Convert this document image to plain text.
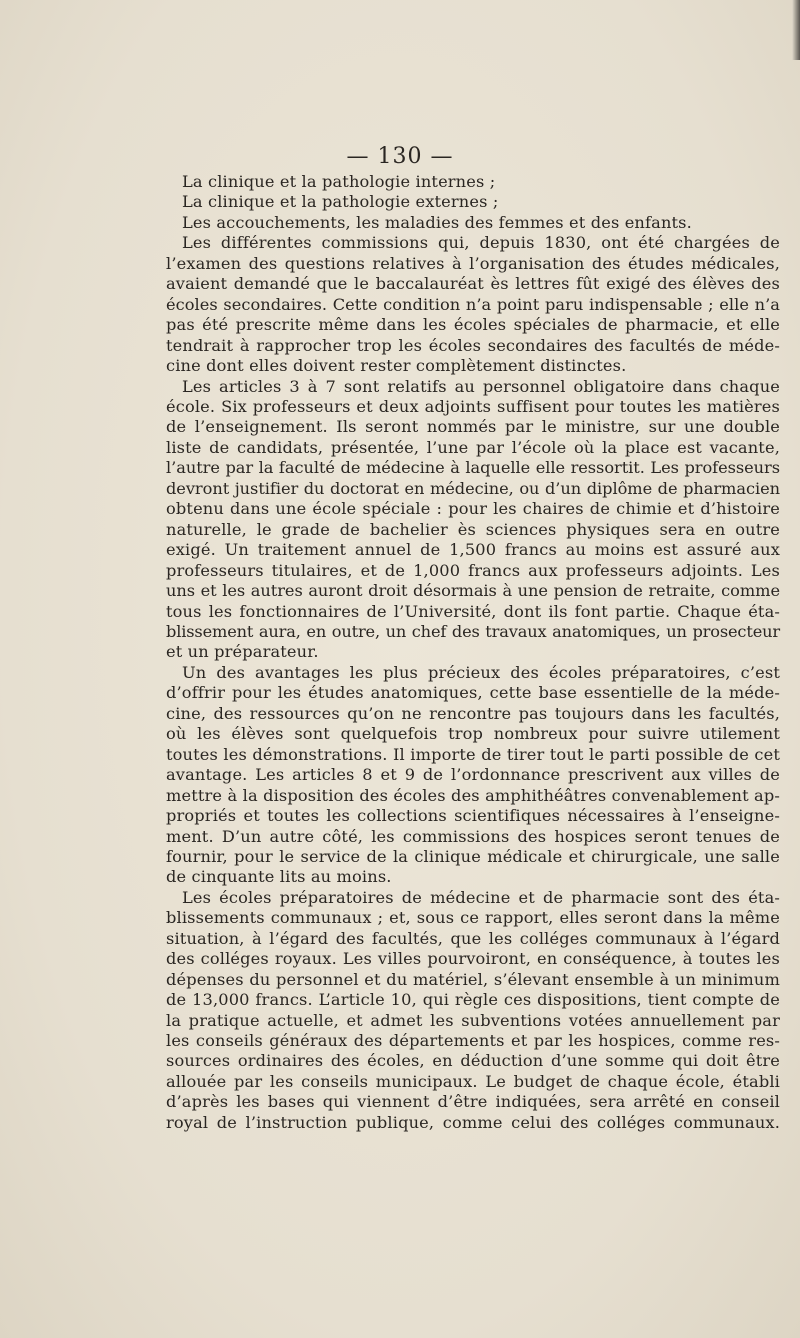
— 130 —
La clinique et la pathologie internes ;
La clinique et la pathologie externes ;
Les accouchements, les maladies des femmes et des enfants.
Les différentes commissions qui, depuis 1830, ont été chargées de
l’examen des questions relatives à l’organisation des études médicales,
avaient demandé que le baccalauréat ès lettres fût exigé des élèves des
écoles secondaires. Cette condition n’a point paru indispensable ; elle n’a
pas été prescrite même dans les écoles spéciales de pharmacie, et elle
tendrait à rapprocher trop les écoles secondaires des facultés de méde-
cine dont elles doivent rester complètement distinctes.
Les articles 3 à 7 sont relatifs au personnel obligatoire dans chaque
école. Six professeurs et deux adjoints suffisent pour toutes les matières
de l’enseignement. Ils seront nommés par le ministre, sur une double
liste de candidats, présentée, l’une par l’école où la place est vacante,
l’autre par la faculté de médecine à laquelle elle ressortit. Les professeurs
devront justifier du doctorat en médecine, ou d’un diplôme de pharmacien
obtenu dans une école spéciale : pour les chaires de chimie et d’histoire
naturelle, le grade de bachelier ès sciences physiques sera en outre
exigé. Un traitement annuel de 1,500 francs au moins est assuré aux
professeurs titulaires, et de 1,000 francs aux professeurs adjoints. Les
uns et les autres auront droit désormais à une pension de retraite, comme
tous les fonctionnaires de l’Université, dont ils font partie. Chaque éta-
blissement aura, en outre, un chef des travaux anatomiques, un prosecteur
et un préparateur.
Un des avantages les plus précieux des écoles préparatoires, c’est
d’offrir pour les études anatomiques, cette base essentielle de la méde-
cine, des ressources qu’on ne rencontre pas toujours dans les facultés,
où les élèves sont quelquefois trop nombreux pour suivre utilement
toutes les démonstrations. Il importe de tirer tout le parti possible de cet
avantage. Les articles 8 et 9 de l’ordonnance prescrivent aux villes de
mettre à la disposition des écoles des amphithéâtres convenablement ap-
propriés et toutes les collections scientifiques nécessaires à l’enseigne-
ment. D’un autre côté, les commissions des hospices seront tenues de
fournir, pour le service de la clinique médicale et chirurgicale, une salle
de cinquante lits au moins.
Les écoles préparatoires de médecine et de pharmacie sont des éta-
blissements communaux ; et, sous ce rapport, elles seront dans la même
situation, à l’égard des facultés, que les colléges communaux à l’égard
des colléges royaux. Les villes pourvoiront, en conséquence, à toutes les
dépenses du personnel et du matériel, s’élevant ensemble à un minimum
de 13,000 francs. L’article 10, qui règle ces dispositions, tient compte de
la pratique actuelle, et admet les subventions votées annuellement par
les conseils généraux des départements et par les hospices, comme res-
sources ordinaires des écoles, en déduction d’une somme qui doit être
allouée par les conseils municipaux. Le budget de chaque école, établi
d’après les bases qui viennent d’être indiquées, sera arrêté en conseil
royal de l’instruction publique, comme celui des colléges communaux.
